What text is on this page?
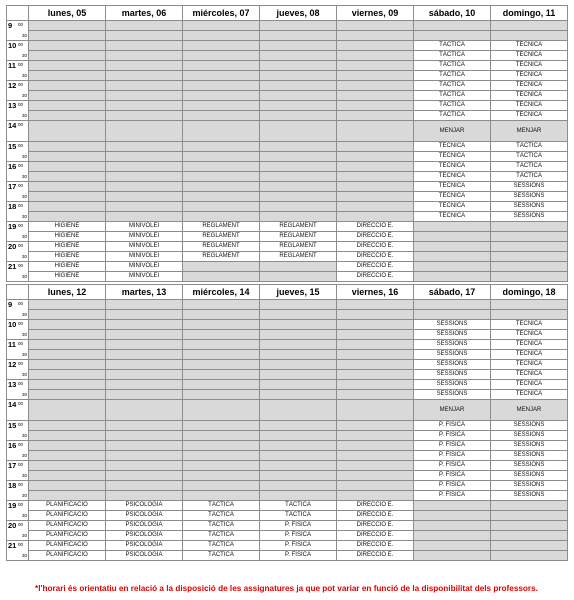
	lunes, 05	martes, 06	miércoles, 07	jueves, 08	viernes, 09	sábado, 10	domingo, 11

9 00							

30							

10 00						TÀCTICA	TÈCNICA

30						TÀCTICA	TÈCNICA

11 00						TÀCTICA	TÈCNICA

30						TÀCTICA	TÈCNICA

12 00						TÀCTICA	TÈCNICA

30						TÀCTICA	TÈCNICA

13 00						TÀCTICA	TÈCNICA

30						TÀCTICA	TÈCNICA

14 00						MENJAR	MENJAR

15 00						TÈCNICA	TÀCTICA

30						TÈCNICA	TÀCTICA

16 00						TÈCNICA	TÀCTICA

30						TÈCNICA	TÀCTICA

17 00						TÈCNICA	SESSIONS

30						TÈCNICA	SESSIONS

18 00						TÈCNICA	SESSIONS

30						TÈCNICA	SESSIONS

19 00	HIGIENE	MINIVOLEI	REGLAMENT	REGLAMENT	DIRECCIÓ E.		

30	HIGIENE	MINIVOLEI	REGLAMENT	REGLAMENT	DIRECCIÓ E.		

20 00	HIGIENE	MINIVOLEI	REGLAMENT	REGLAMENT	DIRECCIÓ E.		

30	HIGIENE	MINIVOLEI	REGLAMENT	REGLAMENT	DIRECCIÓ E.		

21 00	HIGIENE	MINIVOLEI			DIRECCIÓ E.		

30	HIGIENE	MINIVOLEI			DIRECCIÓ E.		

	lunes, 12	martes, 13	miércoles, 14	jueves, 15	viernes, 16	sábado, 17	domingo, 18

9 00							

30							

10 00						SESSIONS	TÈCNICA

30						SESSIONS	TÈCNICA

11 00						SESSIONS	TÈCNICA

30						SESSIONS	TÈCNICA

12 00						SESSIONS	TÈCNICA

30						SESSIONS	TÈCNICA

13 00						SESSIONS	TÈCNICA

30						SESSIONS	TÈCNICA

14 00						MENJAR	MENJAR

15 00						P. FÍSICA	SESSIONS

30						P. FÍSICA	SESSIONS

16 00						P. FÍSICA	SESSIONS

30						P. FÍSICA	SESSIONS

17 00						P. FÍSICA	SESSIONS

30						P. FÍSICA	SESSIONS

18 00						P. FÍSICA	SESSIONS

30						P. FÍSICA	SESSIONS

19 00	PLANIFICACIÓ	PSICOLOGIA	TÀCTICA	TÀCTICA	DIRECCIÓ E.		

30	PLANIFICACIÓ	PSICOLOGIA	TÀCTICA	TÀCTICA	DIRECCIÓ E.		

20 00	PLANIFICACIÓ	PSICOLOGIA	TÀCTICA	P. FÍSICA	DIRECCIÓ E.		

30	PLANIFICACIÓ	PSICOLOGIA	TÀCTICA	P. FÍSICA	DIRECCIÓ E.		

21 00	PLANIFICACIÓ	PSICOLOGIA	TÀCTICA	P. FÍSICA	DIRECCIÓ E.		

30	PLANIFICACIÓ	PSICOLOGIA	TÀCTICA	P. FÍSICA	DIRECCIÓ E.		
*l'horari és orientatiu en relació a la disposició de les assignatures ja que pot variar en funció de la disponibilitat dels professors.
